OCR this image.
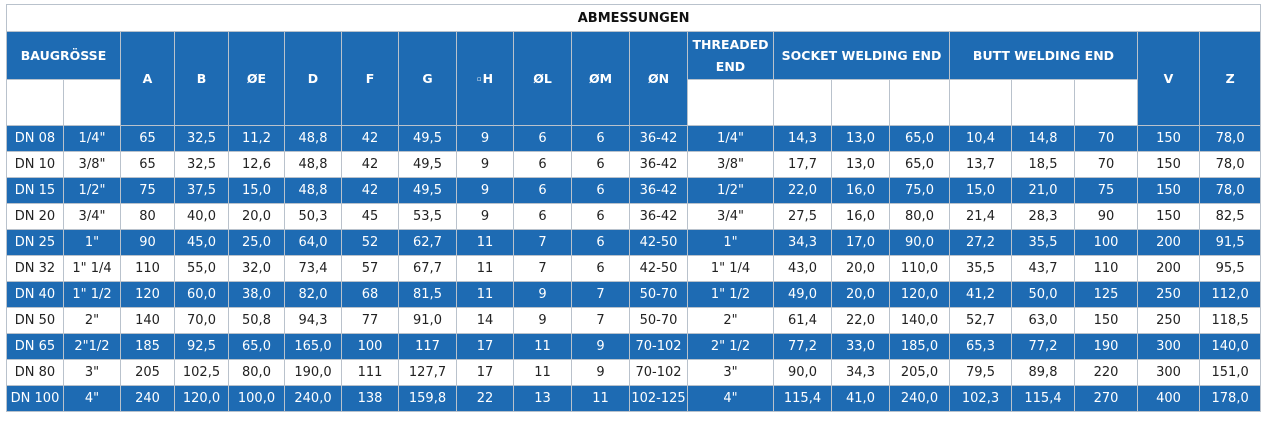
ABMESSUNGEN																				
BAUGRÖSSE		A	B	ØE	D	F	G	▫H	ØL	ØM	ØN	THREADED END	SOCKET WELDING END			BUTT WELDING END			V	Z

DN 08	1/4"	65	32,5	11,2	48,8	42	49,5	9	6	6	36-42	1/4"	14,3	13,0	65,0	10,4	14,8	70	150	78,0
DN 10	3/8"	65	32,5	12,6	48,8	42	49,5	9	6	6	36-42	3/8"	17,7	13,0	65,0	13,7	18,5	70	150	78,0
DN 15	1/2"	75	37,5	15,0	48,8	42	49,5	9	6	6	36-42	1/2"	22,0	16,0	75,0	15,0	21,0	75	150	78,0
DN 20	3/4"	80	40,0	20,0	50,3	45	53,5	9	6	6	36-42	3/4"	27,5	16,0	80,0	21,4	28,3	90	150	82,5
DN 25	1"	90	45,0	25,0	64,0	52	62,7	11	7	6	42-50	1"	34,3	17,0	90,0	27,2	35,5	100	200	91,5
DN 32	1" 1/4	110	55,0	32,0	73,4	57	67,7	11	7	6	42-50	1" 1/4	43,0	20,0	110,0	35,5	43,7	110	200	95,5
DN 40	1" 1/2	120	60,0	38,0	82,0	68	81,5	11	9	7	50-70	1" 1/2	49,0	20,0	120,0	41,2	50,0	125	250	112,0
DN 50	2"	140	70,0	50,8	94,3	77	91,0	14	9	7	50-70	2"	61,4	22,0	140,0	52,7	63,0	150	250	118,5
DN 65	2"1/2	185	92,5	65,0	165,0	100	117	17	11	9	70-102	2" 1/2	77,2	33,0	185,0	65,3	77,2	190	300	140,0
DN 80	3"	205	102,5	80,0	190,0	111	127,7	17	11	9	70-102	3"	90,0	34,3	205,0	79,5	89,8	220	300	151,0
DN 100	4"	240	120,0	100,0	240,0	138	159,8	22	13	11	102-125	4"	115,4	41,0	240,0	102,3	115,4	270	400	178,0
